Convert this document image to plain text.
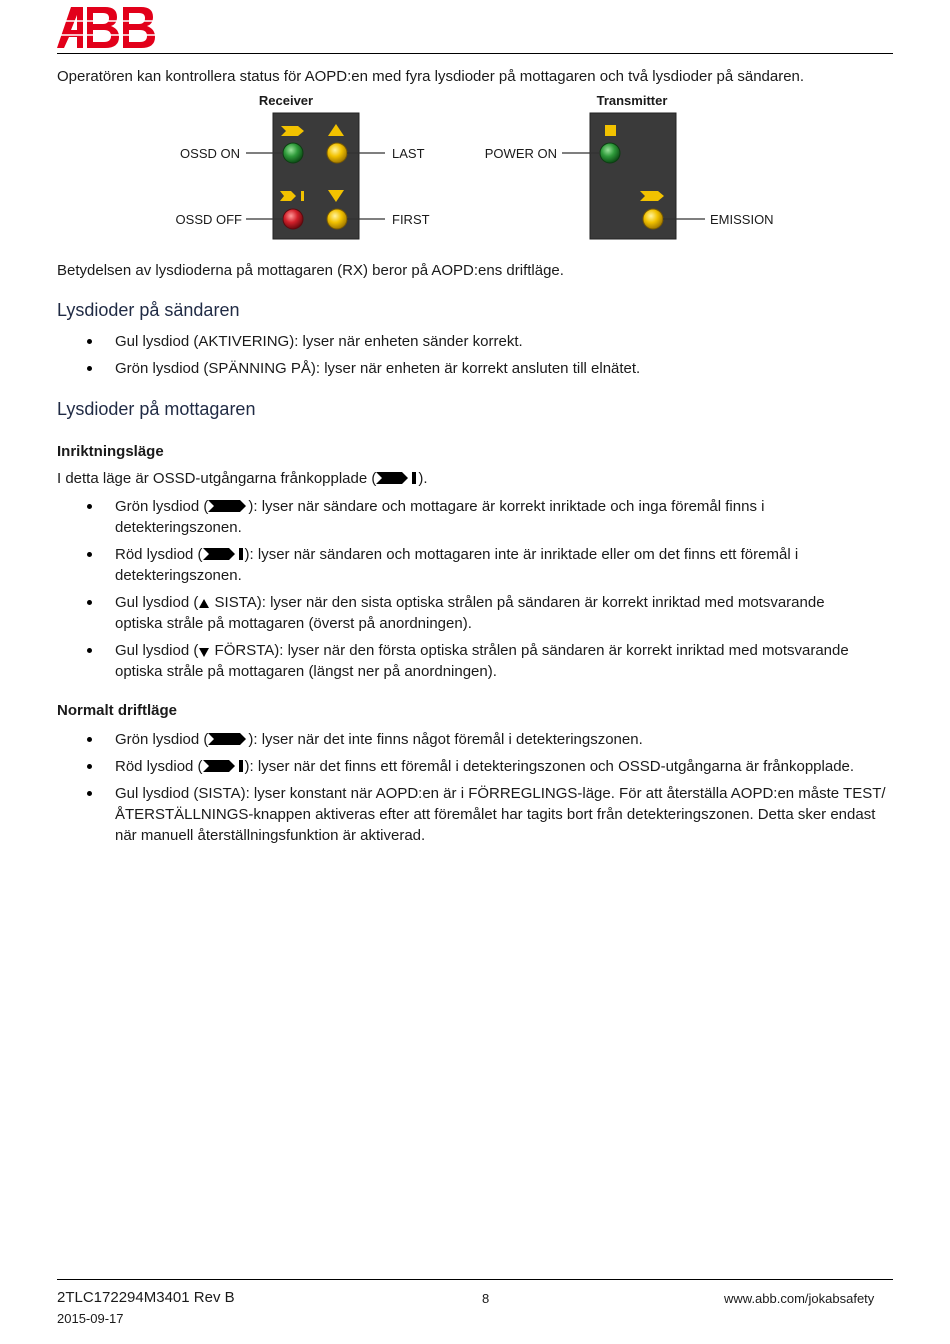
Operatören kan kontrollera status för AOPD:en med fyra lysdioder på mottagaren och två lysdioder på sändaren.
Receiver	Transmitter
OSSD ON	LAST
OSSD OFF	FIRST
POWER ON
EMISSION
Betydelsen av lysdioderna på mottagaren (RX) beror på AOPD:ens driftläge.
Lysdioder på sändaren
Gul lysdiod (AKTIVERING): lyser när enheten sänder korrekt.
Grön lysdiod (SPÄNNING PÅ): lyser när enheten är korrekt ansluten till elnätet.
Lysdioder på mottagaren
Inriktningsläge
I detta läge är OSSD-utgångarna frånkopplade (	).
Grön lysdiod (	): lyser när sändare och mottagare är korrekt inriktade och inga föremål finns i detekteringszonen.
Röd lysdiod (	): lyser när sändaren och mottagaren inte är inriktade eller om det finns ett föremål i detekteringszonen.
Gul lysdiod ( SISTA): lyser när den sista optiska strålen på sändaren är korrekt inriktad med motsvarande optiska stråle på mottagaren (överst på anordningen).
Gul lysdiod ( FÖRSTA): lyser när den första optiska strålen på sändaren är korrekt inriktad med motsvarande optiska stråle på mottagaren (längst ner på anordningen).
Normalt driftläge
Grön lysdiod (	): lyser när det inte finns något föremål i detekteringszonen.
Röd lysdiod (	): lyser när det finns ett föremål i detekteringszonen och OSSD-utgångarna är frånkopplade.
Gul lysdiod (SISTA): lyser konstant när AOPD:en är i FÖRREGLINGS-läge. För att återställa AOPD:en måste TEST/ÅTERSTÄLLNINGS-knappen aktiveras efter att föremålet har tagits bort från detekteringszonen. Detta sker endast när manuell återställningsfunktion är aktiverad.
2TLC172294M3401 Rev B	8	www.abb.com/jokabsafety
2015-09-17
